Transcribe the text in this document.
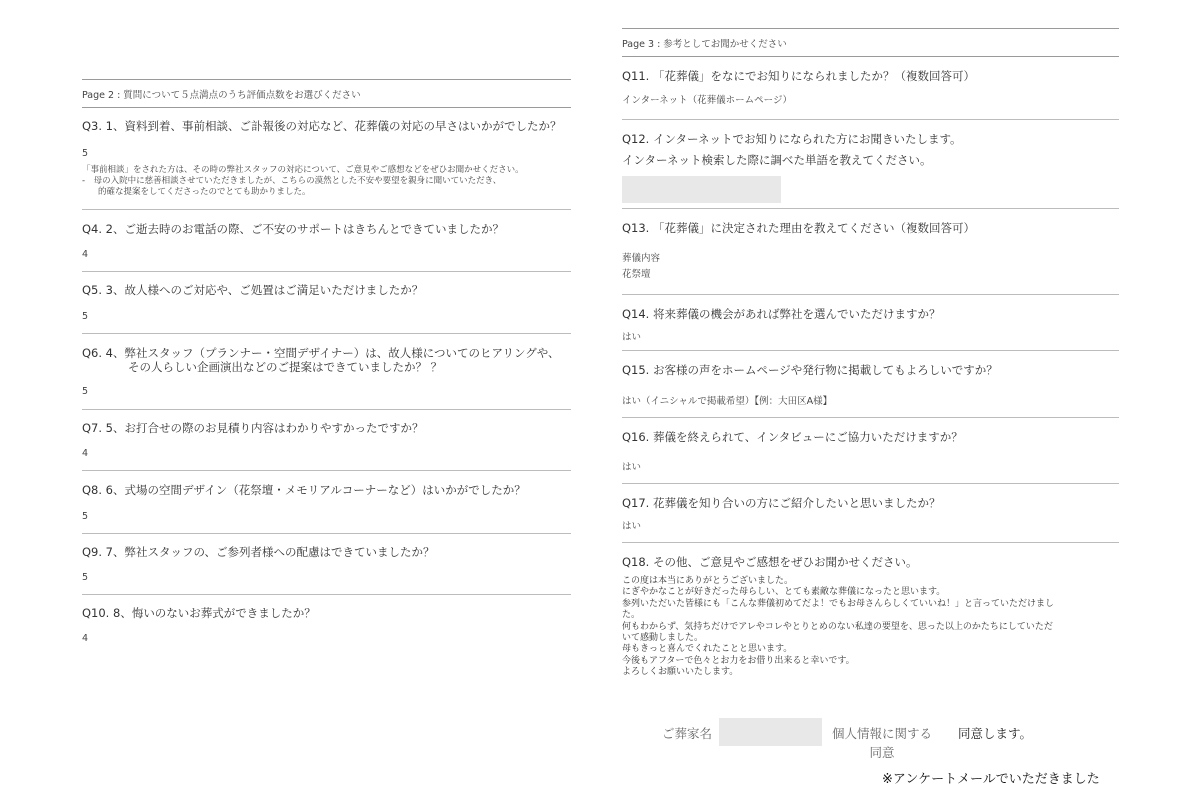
Page 2 : 質問について５点満点のうち評価点数をお選びください
Q3. 1、資料到着、事前相談、ご訃報後の対応など、花葬儀の対応の早さはいかがでしたか？
5
「事前相談」をされた方は、その時の弊社スタッフの対応について、ご意見やご感想などをぜひお聞かせください。
-　母の入院中に慈善相談させていただきましたが、こちらの漠然とした不安や要望を親身に聞いていただき、
的確な提案をしてくださったのでとても助かりました。
Q4. 2、ご逝去時のお電話の際、ご不安のサポートはきちんとできていましたか？
4
Q5. 3、故人様へのご対応や、ご処置はご満足いただけましたか？
5
Q6. 4、弊社スタッフ（プランナー・空間デザイナー）は、故人様についてのヒアリングや、
その人らしい企画演出などのご提案はできていましたか？ ？
5
Q7. 5、お打合せの際のお見積り内容はわかりやすかったですか？
4
Q8. 6、式場の空間デザイン（花祭壇・メモリアルコーナーなど）はいかがでしたか？
5
Q9. 7、弊社スタッフの、ご参列者様への配慮はできていましたか？
5
Q10. 8、悔いのないお葬式ができましたか？
4
Page 3 : 参考としてお聞かせください
Q11. 「花葬儀」をなにでお知りになられましたか？（複数回答可）
インターネット（花葬儀ホームページ）
Q12. インターネットでお知りになられた方にお聞きいたします。
インターネット検索した際に調べた単語を教えてください。
Q13. 「花葬儀」に決定された理由を教えてください（複数回答可）
葬儀内容
花祭壇
Q14. 将来葬儀の機会があれば弊社を選んでいただけますか？
はい
Q15. お客様の声をホームページや発行物に掲載してもよろしいですか？
はい（イニシャルで掲載希望）【例：大田区A様】
Q16. 葬儀を終えられて、インタビューにご協力いただけますか？
はい
Q17. 花葬儀を知り合いの方にご紹介したいと思いましたか？
はい
Q18. その他、ご意見やご感想をぜひお聞かせください。
この度は本当にありがとうございました。
にぎやかなことが好きだった母らしい、とても素敵な葬儀になったと思います。
参列いただいた皆様にも「こんな葬儀初めてだよ！でもお母さんらしくていいね！」と言っていただけまし
た。
何もわからず、気持ちだけでアレやコレやとりとめのない私達の要望を、思った以上のかたちにしていただ
いて感動しました。
母もきっと喜んでくれたことと思います。
今後もアフターで色々とお力をお借り出来ると幸いです。
よろしくお願いいたします。
ご葬家名	個人情報に関する同意
同意します。
※アンケートメールでいただきました
